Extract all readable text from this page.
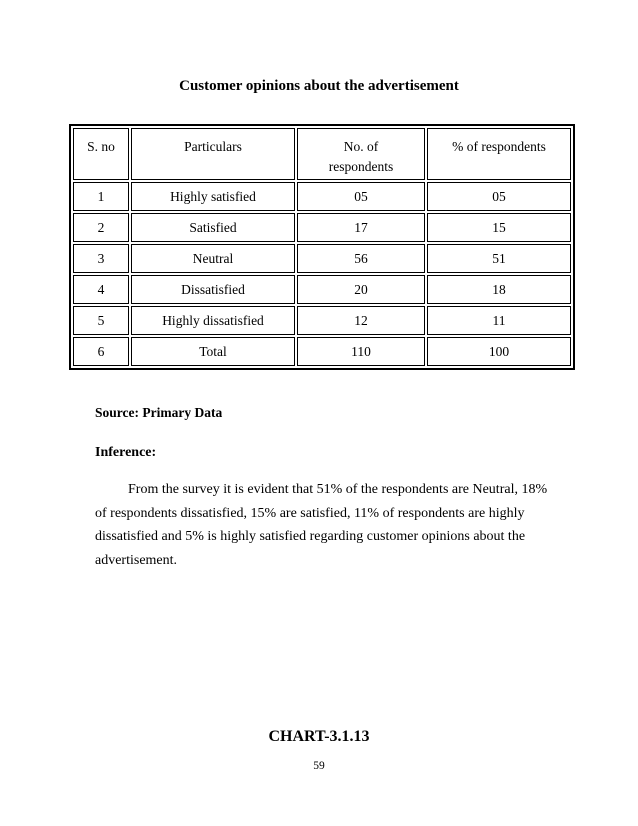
Customer opinions about the advertisement
S. no	Particulars	No. of respondents	% of respondents
1	Highly satisfied	05	05
2	Satisfied	17	15
3	Neutral	56	51
4	Dissatisfied	20	18
5	Highly dissatisfied	12	11
6	Total	110	100
Source: Primary Data
Inference:

From the survey it is evident that 51% of the respondents are Neutral, 18% of respondents dissatisfied, 15% are satisfied, 11% of respondents are highly dissatisfied and 5% is highly satisfied regarding customer opinions about the advertisement.

CHART-3.1.13
59
